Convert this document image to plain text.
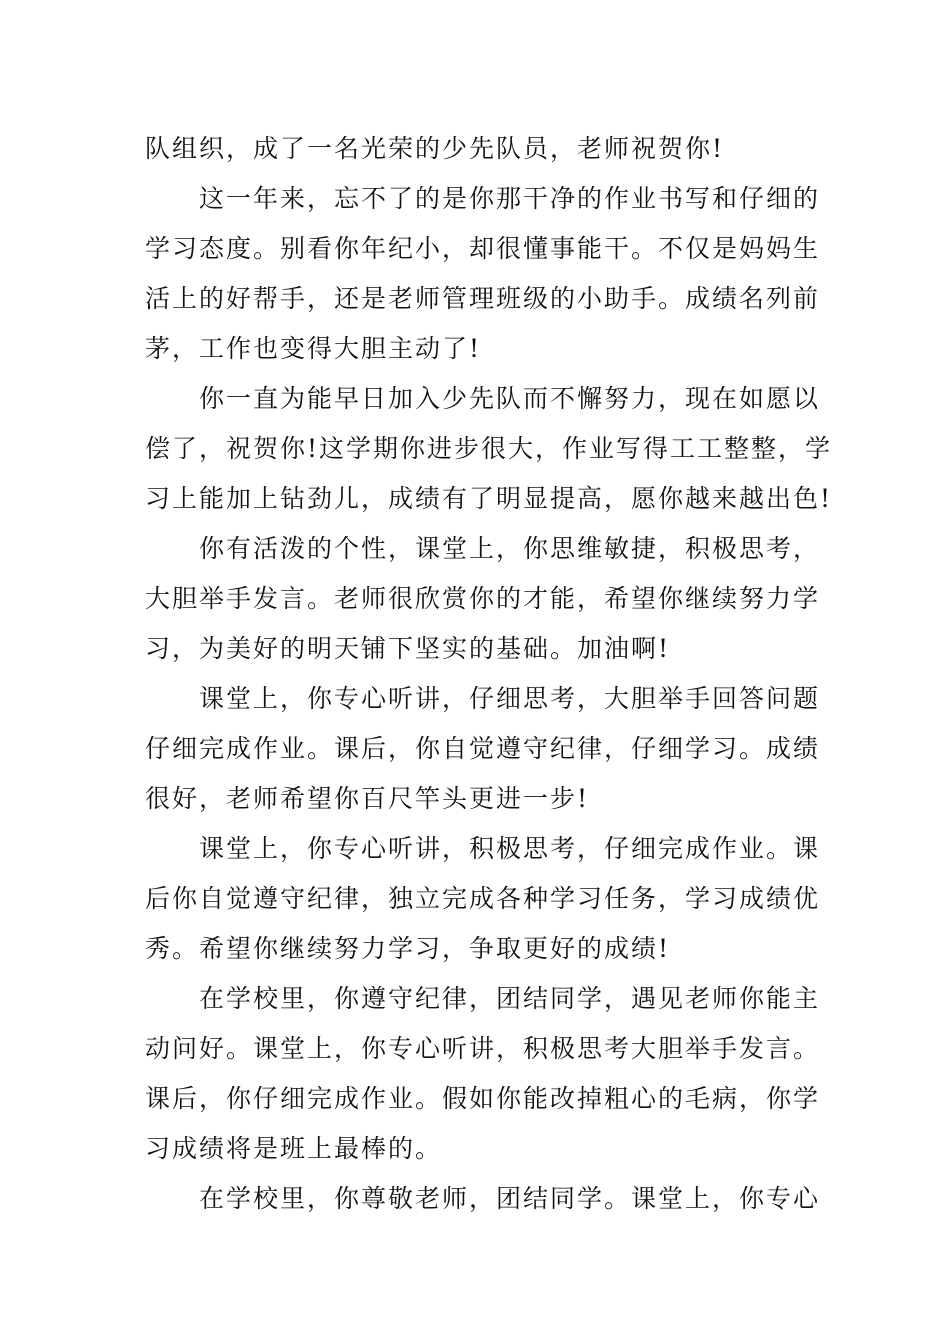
队组织，成了一名光荣的少先队员，老师祝贺你!

这一年来，忘不了的是你那干净的作业书写和仔细的
学习态度。别看你年纪小，却很懂事能干。不仅是妈妈生
活上的好帮手，还是老师管理班级的小助手。成绩名列前
茅，工作也变得大胆主动了!

你一直为能早日加入少先队而不懈努力，现在如愿以
偿了，祝贺你!这学期你进步很大，作业写得工工整整，学
习上能加上钻劲儿，成绩有了明显提高，愿你越来越出色!

你有活泼的个性，课堂上，你思维敏捷，积极思考，
大胆举手发言。老师很欣赏你的才能，希望你继续努力学
习，为美好的明天铺下坚实的基础。加油啊!

课堂上，你专心听讲，仔细思考，大胆举手回答问题
仔细完成作业。课后，你自觉遵守纪律，仔细学习。成绩
很好，老师希望你百尺竿头更进一步!

课堂上，你专心听讲，积极思考，仔细完成作业。课
后你自觉遵守纪律，独立完成各种学习任务，学习成绩优
秀。希望你继续努力学习，争取更好的成绩!

在学校里，你遵守纪律，团结同学，遇见老师你能主
动问好。课堂上，你专心听讲，积极思考大胆举手发言。
课后，你仔细完成作业。假如你能改掉粗心的毛病，你学
习成绩将是班上最棒的。

在学校里，你尊敬老师，团结同学。课堂上，你专心
